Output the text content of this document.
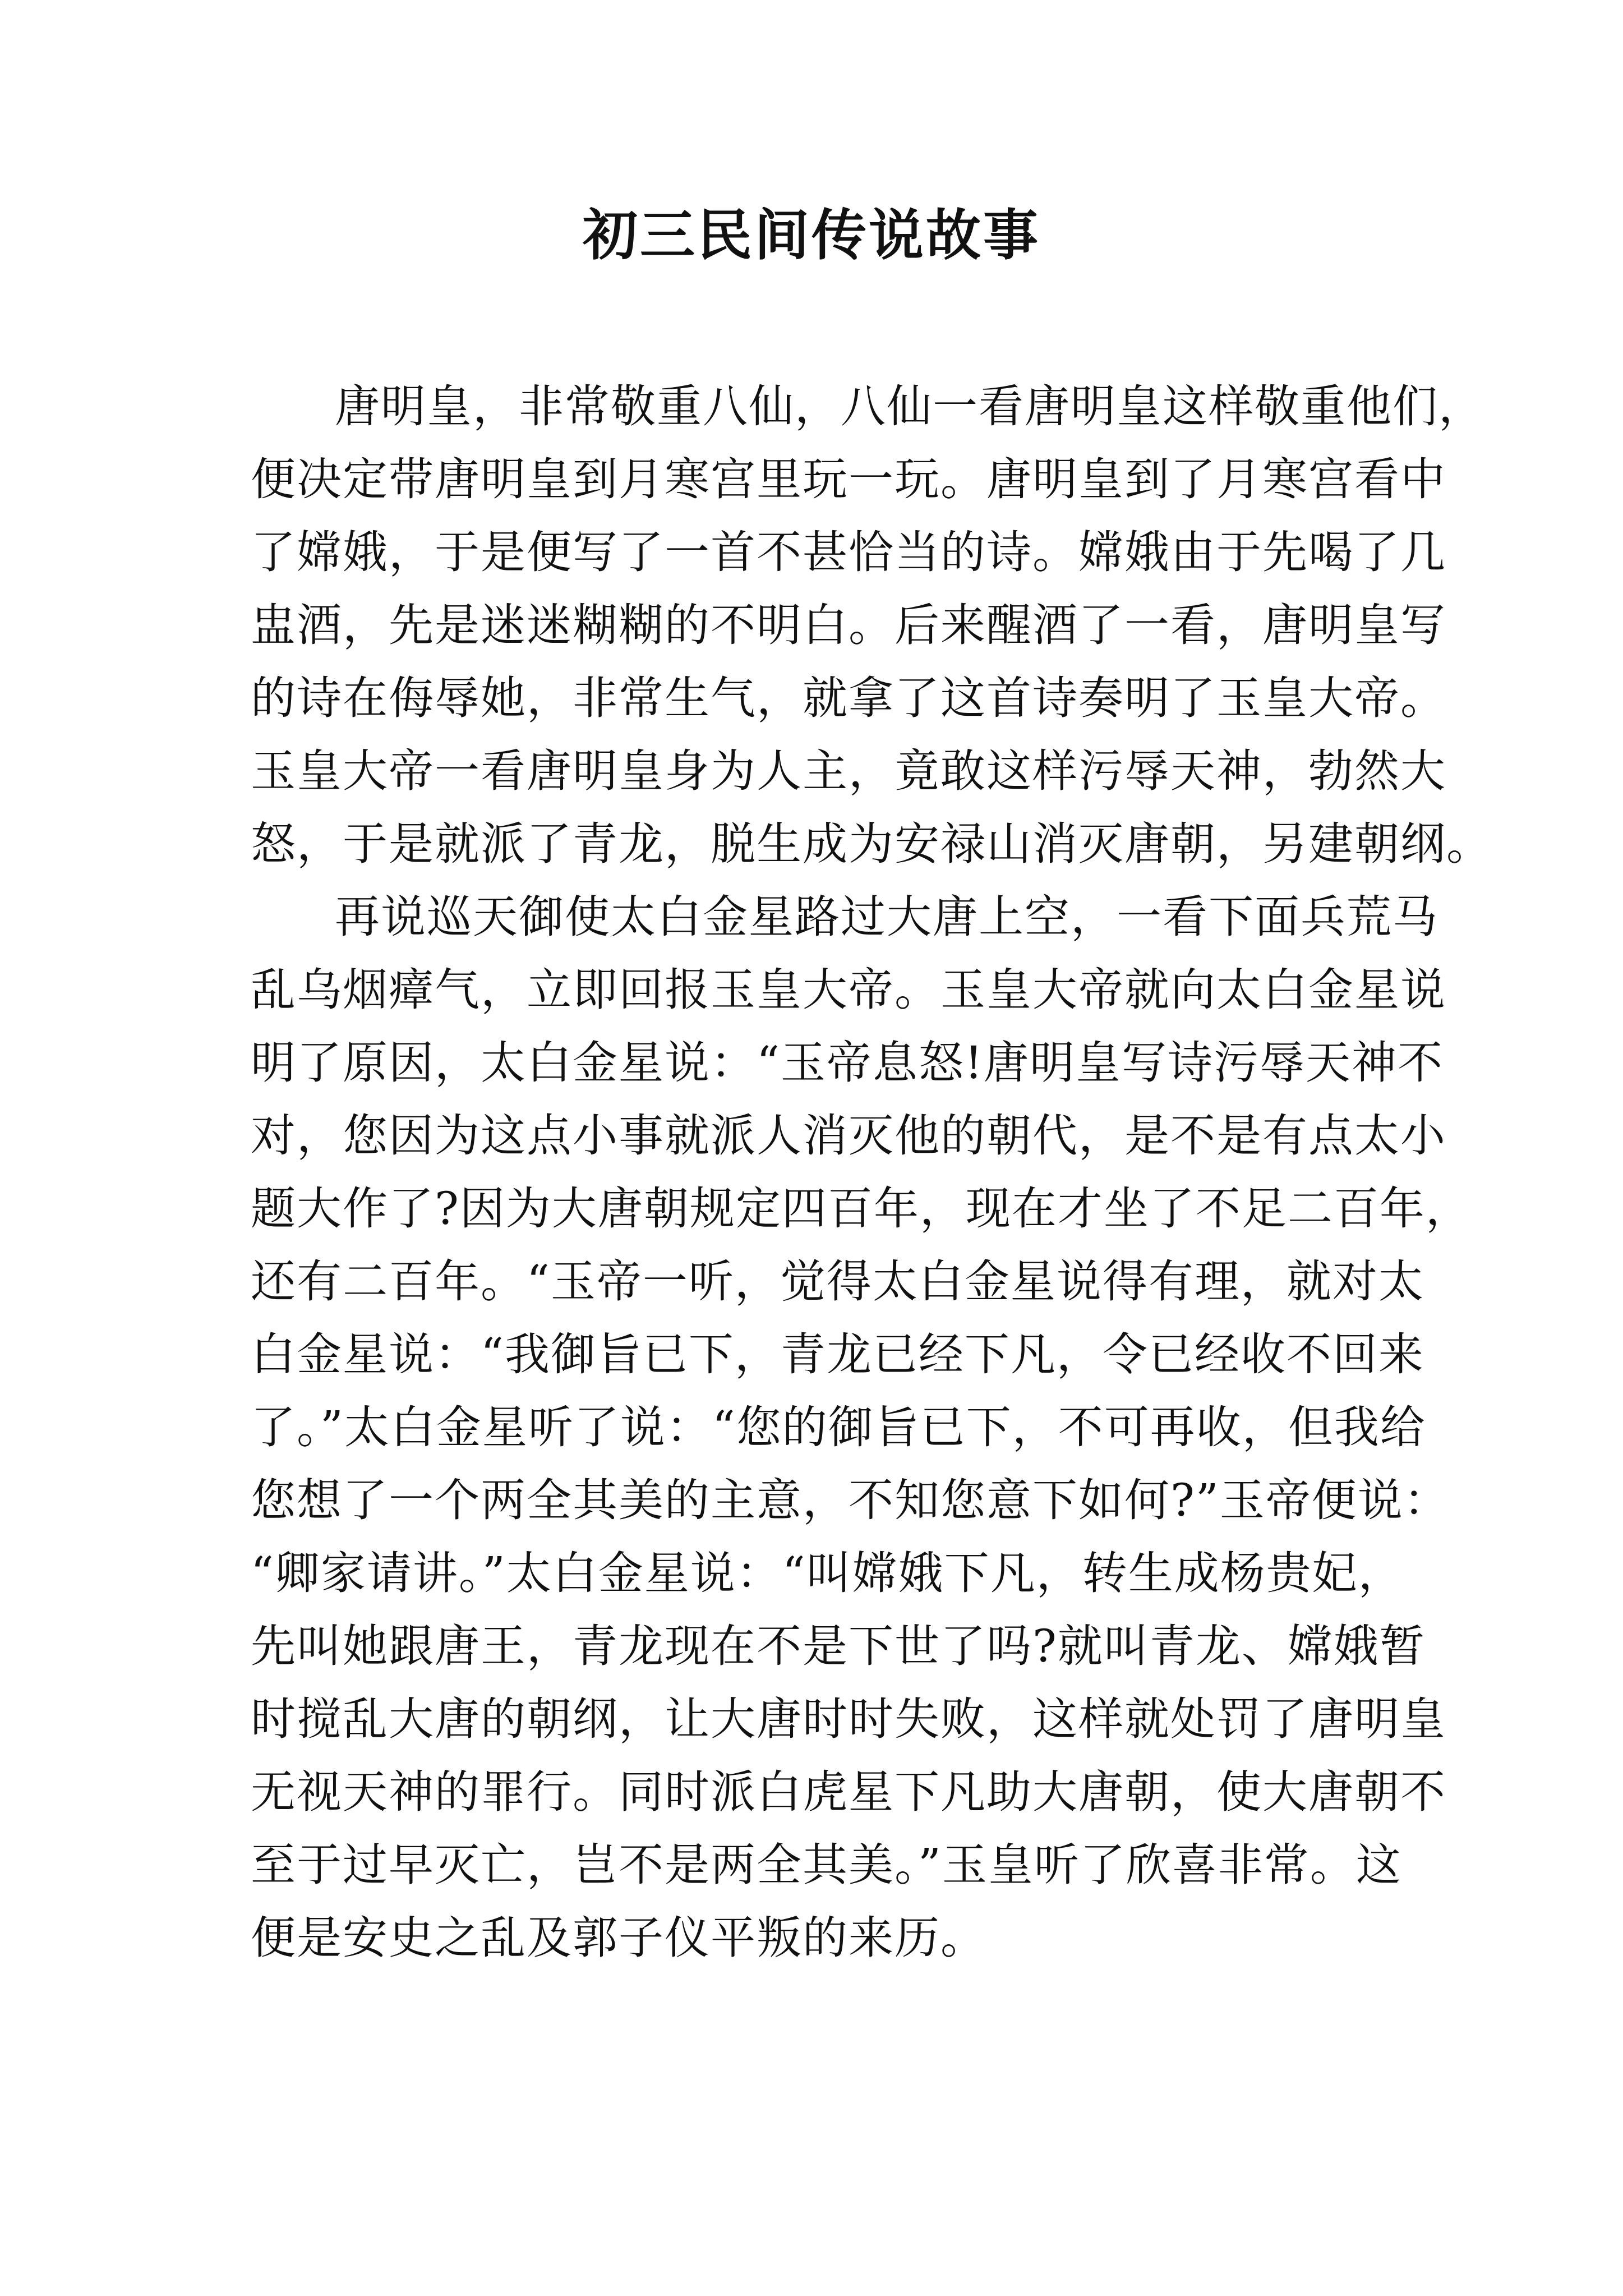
初三民间传说故事
唐明皇，非常敬重八仙，八仙一看唐明皇这样敬重他们，
便决定带唐明皇到月寒宫里玩一玩。唐明皇到了月寒宫看中
了嫦娥，于是便写了一首不甚恰当的诗。嫦娥由于先喝了几
盅酒，先是迷迷糊糊的不明白。后来醒酒了一看，唐明皇写
的诗在侮辱她，非常生气，就拿了这首诗奏明了玉皇大帝。
玉皇大帝一看唐明皇身为人主，竟敢这样污辱天神，勃然大
怒，于是就派了青龙，脱生成为安禄山消灭唐朝，另建朝纲。
再说巡天御使太白金星路过大唐上空，一看下面兵荒马
乱乌烟瘴气，立即回报玉皇大帝。玉皇大帝就向太白金星说
明了原因，太白金星说：“玉帝息怒!唐明皇写诗污辱天神不
对，您因为这点小事就派人消灭他的朝代，是不是有点太小
题大作了?因为大唐朝规定四百年，现在才坐了不足二百年，
还有二百年。“玉帝一听，觉得太白金星说得有理，就对太
白金星说：“我御旨已下，青龙已经下凡，令已经收不回来
了。”太白金星听了说：“您的御旨已下，不可再收，但我给
您想了一个两全其美的主意，不知您意下如何?”玉帝便说：
“卿家请讲。”太白金星说：“叫嫦娥下凡，转生成杨贵妃，
先叫她跟唐王，青龙现在不是下世了吗?就叫青龙、嫦娥暂
时搅乱大唐的朝纲，让大唐时时失败，这样就处罚了唐明皇
无视天神的罪行。同时派白虎星下凡助大唐朝，使大唐朝不
至于过早灭亡，岂不是两全其美。”玉皇听了欣喜非常。这
便是安史之乱及郭子仪平叛的来历。
